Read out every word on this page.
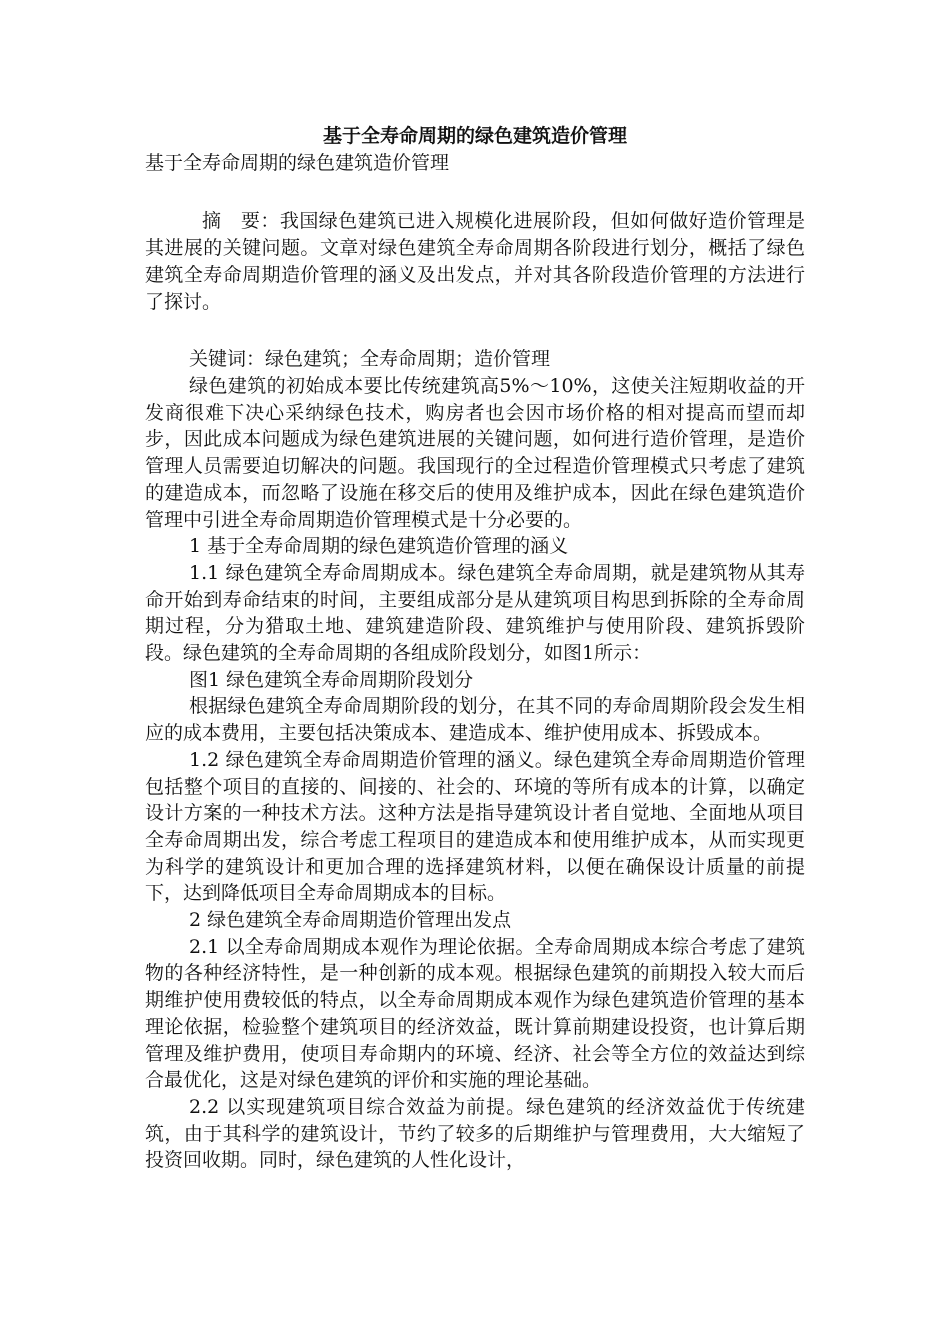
基于全寿命周期的绿色建筑造价管理

基于全寿命周期的绿色建筑造价管理

摘　要：我国绿色建筑已进入规模化进展阶段，但如何做好造价管理是其进展的关键问题。文章对绿色建筑全寿命周期各阶段进行划分，概括了绿色建筑全寿命周期造价管理的涵义及出发点，并对其各阶段造价管理的方法进行了探讨。

关键词：绿色建筑；全寿命周期；造价管理

绿色建筑的初始成本要比传统建筑高5%～10%，这使关注短期收益的开发商很难下决心采纳绿色技术，购房者也会因市场价格的相对提高而望而却步，因此成本问题成为绿色建筑进展的关键问题，如何进行造价管理，是造价管理人员需要迫切解决的问题。我国现行的全过程造价管理模式只考虑了建筑的建造成本，而忽略了设施在移交后的使用及维护成本，因此在绿色建筑造价管理中引进全寿命周期造价管理模式是十分必要的。

1 基于全寿命周期的绿色建筑造价管理的涵义

1.1 绿色建筑全寿命周期成本。绿色建筑全寿命周期，就是建筑物从其寿命开始到寿命结束的时间，主要组成部分是从建筑项目构思到拆除的全寿命周期过程，分为猎取土地、建筑建造阶段、建筑维护与使用阶段、建筑拆毁阶段。绿色建筑的全寿命周期的各组成阶段划分，如图1所示：

图1 绿色建筑全寿命周期阶段划分

根据绿色建筑全寿命周期阶段的划分，在其不同的寿命周期阶段会发生相应的成本费用，主要包括决策成本、建造成本、维护使用成本、拆毁成本。

1.2 绿色建筑全寿命周期造价管理的涵义。绿色建筑全寿命周期造价管理包括整个项目的直接的、间接的、社会的、环境的等所有成本的计算，以确定设计方案的一种技术方法。这种方法是指导建筑设计者自觉地、全面地从项目全寿命周期出发，综合考虑工程项目的建造成本和使用维护成本，从而实现更为科学的建筑设计和更加合理的选择建筑材料，以便在确保设计质量的前提下，达到降低项目全寿命周期成本的目标。

2 绿色建筑全寿命周期造价管理出发点

2.1 以全寿命周期成本观作为理论依据。全寿命周期成本综合考虑了建筑物的各种经济特性，是一种创新的成本观。根据绿色建筑的前期投入较大而后期维护使用费较低的特点，以全寿命周期成本观作为绿色建筑造价管理的基本理论依据，检验整个建筑项目的经济效益，既计算前期建设投资，也计算后期管理及维护费用，使项目寿命期内的环境、经济、社会等全方位的效益达到综合最优化，这是对绿色建筑的评价和实施的理论基础。

2.2 以实现建筑项目综合效益为前提。绿色建筑的经济效益优于传统建筑，由于其科学的建筑设计，节约了较多的后期维护与管理费用，大大缩短了投资回收期。同时，绿色建筑的人性化设计，
